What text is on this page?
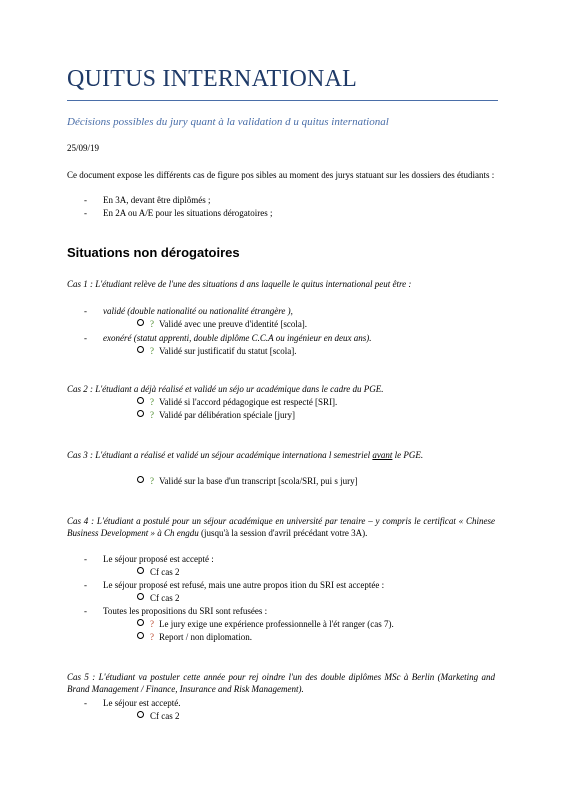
QUITUS INTERNATIONAL
Décisions possibles du jury quant à la validation d u quitus international
25/09/19
Ce document expose les différents cas de figure pos sibles au moment des jurys statuant sur les dossiers des étudiants :
- En 3A, devant être diplômés ;
- En 2A ou A/E pour les situations dérogatoires ;
Situations non dérogatoires
Cas 1 : L'étudiant relève de l'une des situations d ans laquelle le quitus international peut être :
- validé (double nationalité ou nationalité étrangère ),
? Validé avec une preuve d'identité [scola].
- exonéré (statut apprenti, double diplôme C.C.A ou ingénieur en deux ans).
? Validé sur justificatif du statut [scola].
Cas 2 : L'étudiant a déjà réalisé et validé un séjo ur académique dans le cadre du PGE.
? Validé si l'accord pédagogique est respecté [SRI].
? Validé par délibération spéciale [jury]
Cas 3 : L'étudiant a réalisé et validé un séjour académique internationa l semestriel avant le PGE.
? Validé sur la base d'un transcript [scola/SRI, pui s jury]
Cas 4 : L'étudiant a postulé pour un séjour académique en université par tenaire – y compris le certificat « Chinese Business Development » à Ch engdu (jusqu'à la session d'avril précédant votre 3A).
- Le séjour proposé est accepté :
Cf cas 2
- Le séjour proposé est refusé, mais une autre propos ition du SRI est acceptée :
Cf cas 2
- Toutes les propositions du SRI sont refusées :
? Le jury exige une expérience professionnelle à l'ét ranger (cas 7).
? Report / non diplomation.
Cas 5 : L'étudiant va postuler cette année pour rej oindre l'un des double diplômes MSc à Berlin (Marketing and Brand Management / Finance, Insurance and Risk Management).
- Le séjour est accepté.
Cf cas 2
